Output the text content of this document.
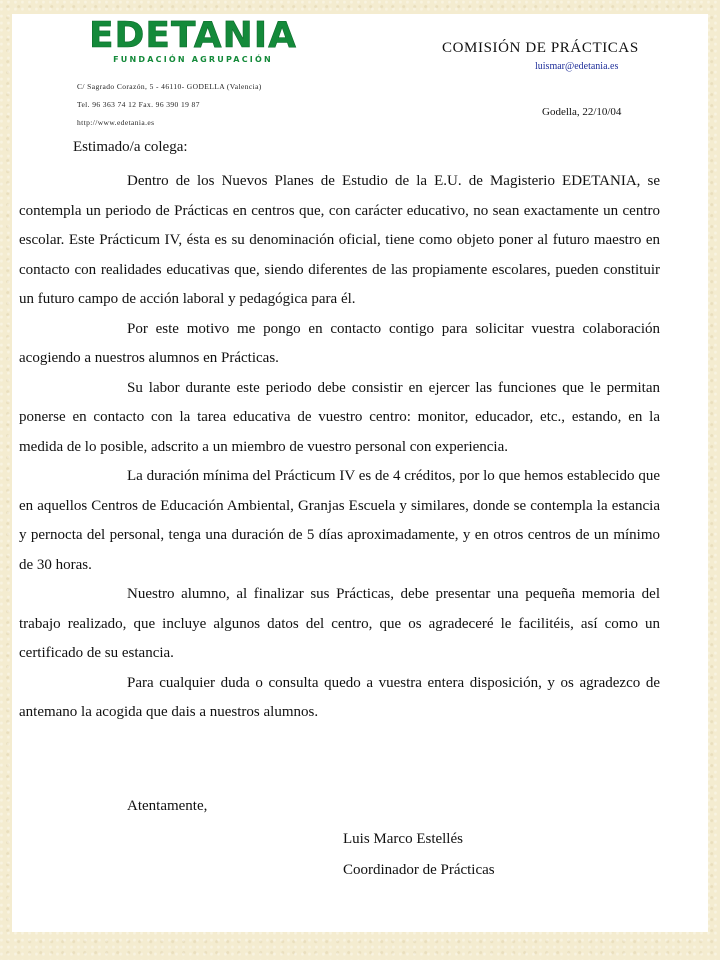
EDETANIA
FUNDACIÓN AGRUPACIÓN
C/ Sagrado Corazón, 5 - 46110- GODELLA (Valencia)
Tel. 96 363 74 12 Fax. 96 390 19 87
http://www.edetania.es
COMISIÓN DE PRÁCTICAS
luismar@edetania.es
Godella, 22/10/04
Estimado/a colega:

Dentro de los Nuevos Planes de Estudio de la E.U. de Magisterio EDETANIA, se contempla un periodo de Prácticas en centros que, con carácter educativo, no sean exactamente un centro escolar. Este Prácticum IV, ésta es su denominación oficial, tiene como objeto poner al futuro maestro en contacto con realidades educativas que, siendo diferentes de las propiamente escolares, pueden constituir un futuro campo de acción laboral y pedagógica para él.

Por este motivo me pongo en contacto contigo para solicitar vuestra colaboración acogiendo a nuestros alumnos en Prácticas.

Su labor durante este periodo debe consistir en ejercer las funciones que le permitan ponerse en contacto con la tarea educativa de vuestro centro: monitor, educador, etc., estando, en la medida de lo posible, adscrito a un miembro de vuestro personal con experiencia.

La duración mínima del Prácticum IV es de 4 créditos, por lo que hemos establecido que en aquellos Centros de Educación Ambiental, Granjas Escuela y similares, donde se contempla la estancia y pernocta del personal, tenga una duración de 5 días aproximadamente, y en otros centros de un mínimo de 30 horas.

Nuestro alumno, al finalizar sus Prácticas, debe presentar una pequeña memoria del trabajo realizado, que incluye algunos datos del centro, que os agradeceré le facilitéis, así como un certificado de su estancia.

Para cualquier duda o consulta quedo a vuestra entera disposición, y os agradezco de antemano la acogida que dais a nuestros alumnos.

Atentamente,
Luis Marco Estellés
Coordinador de Prácticas
